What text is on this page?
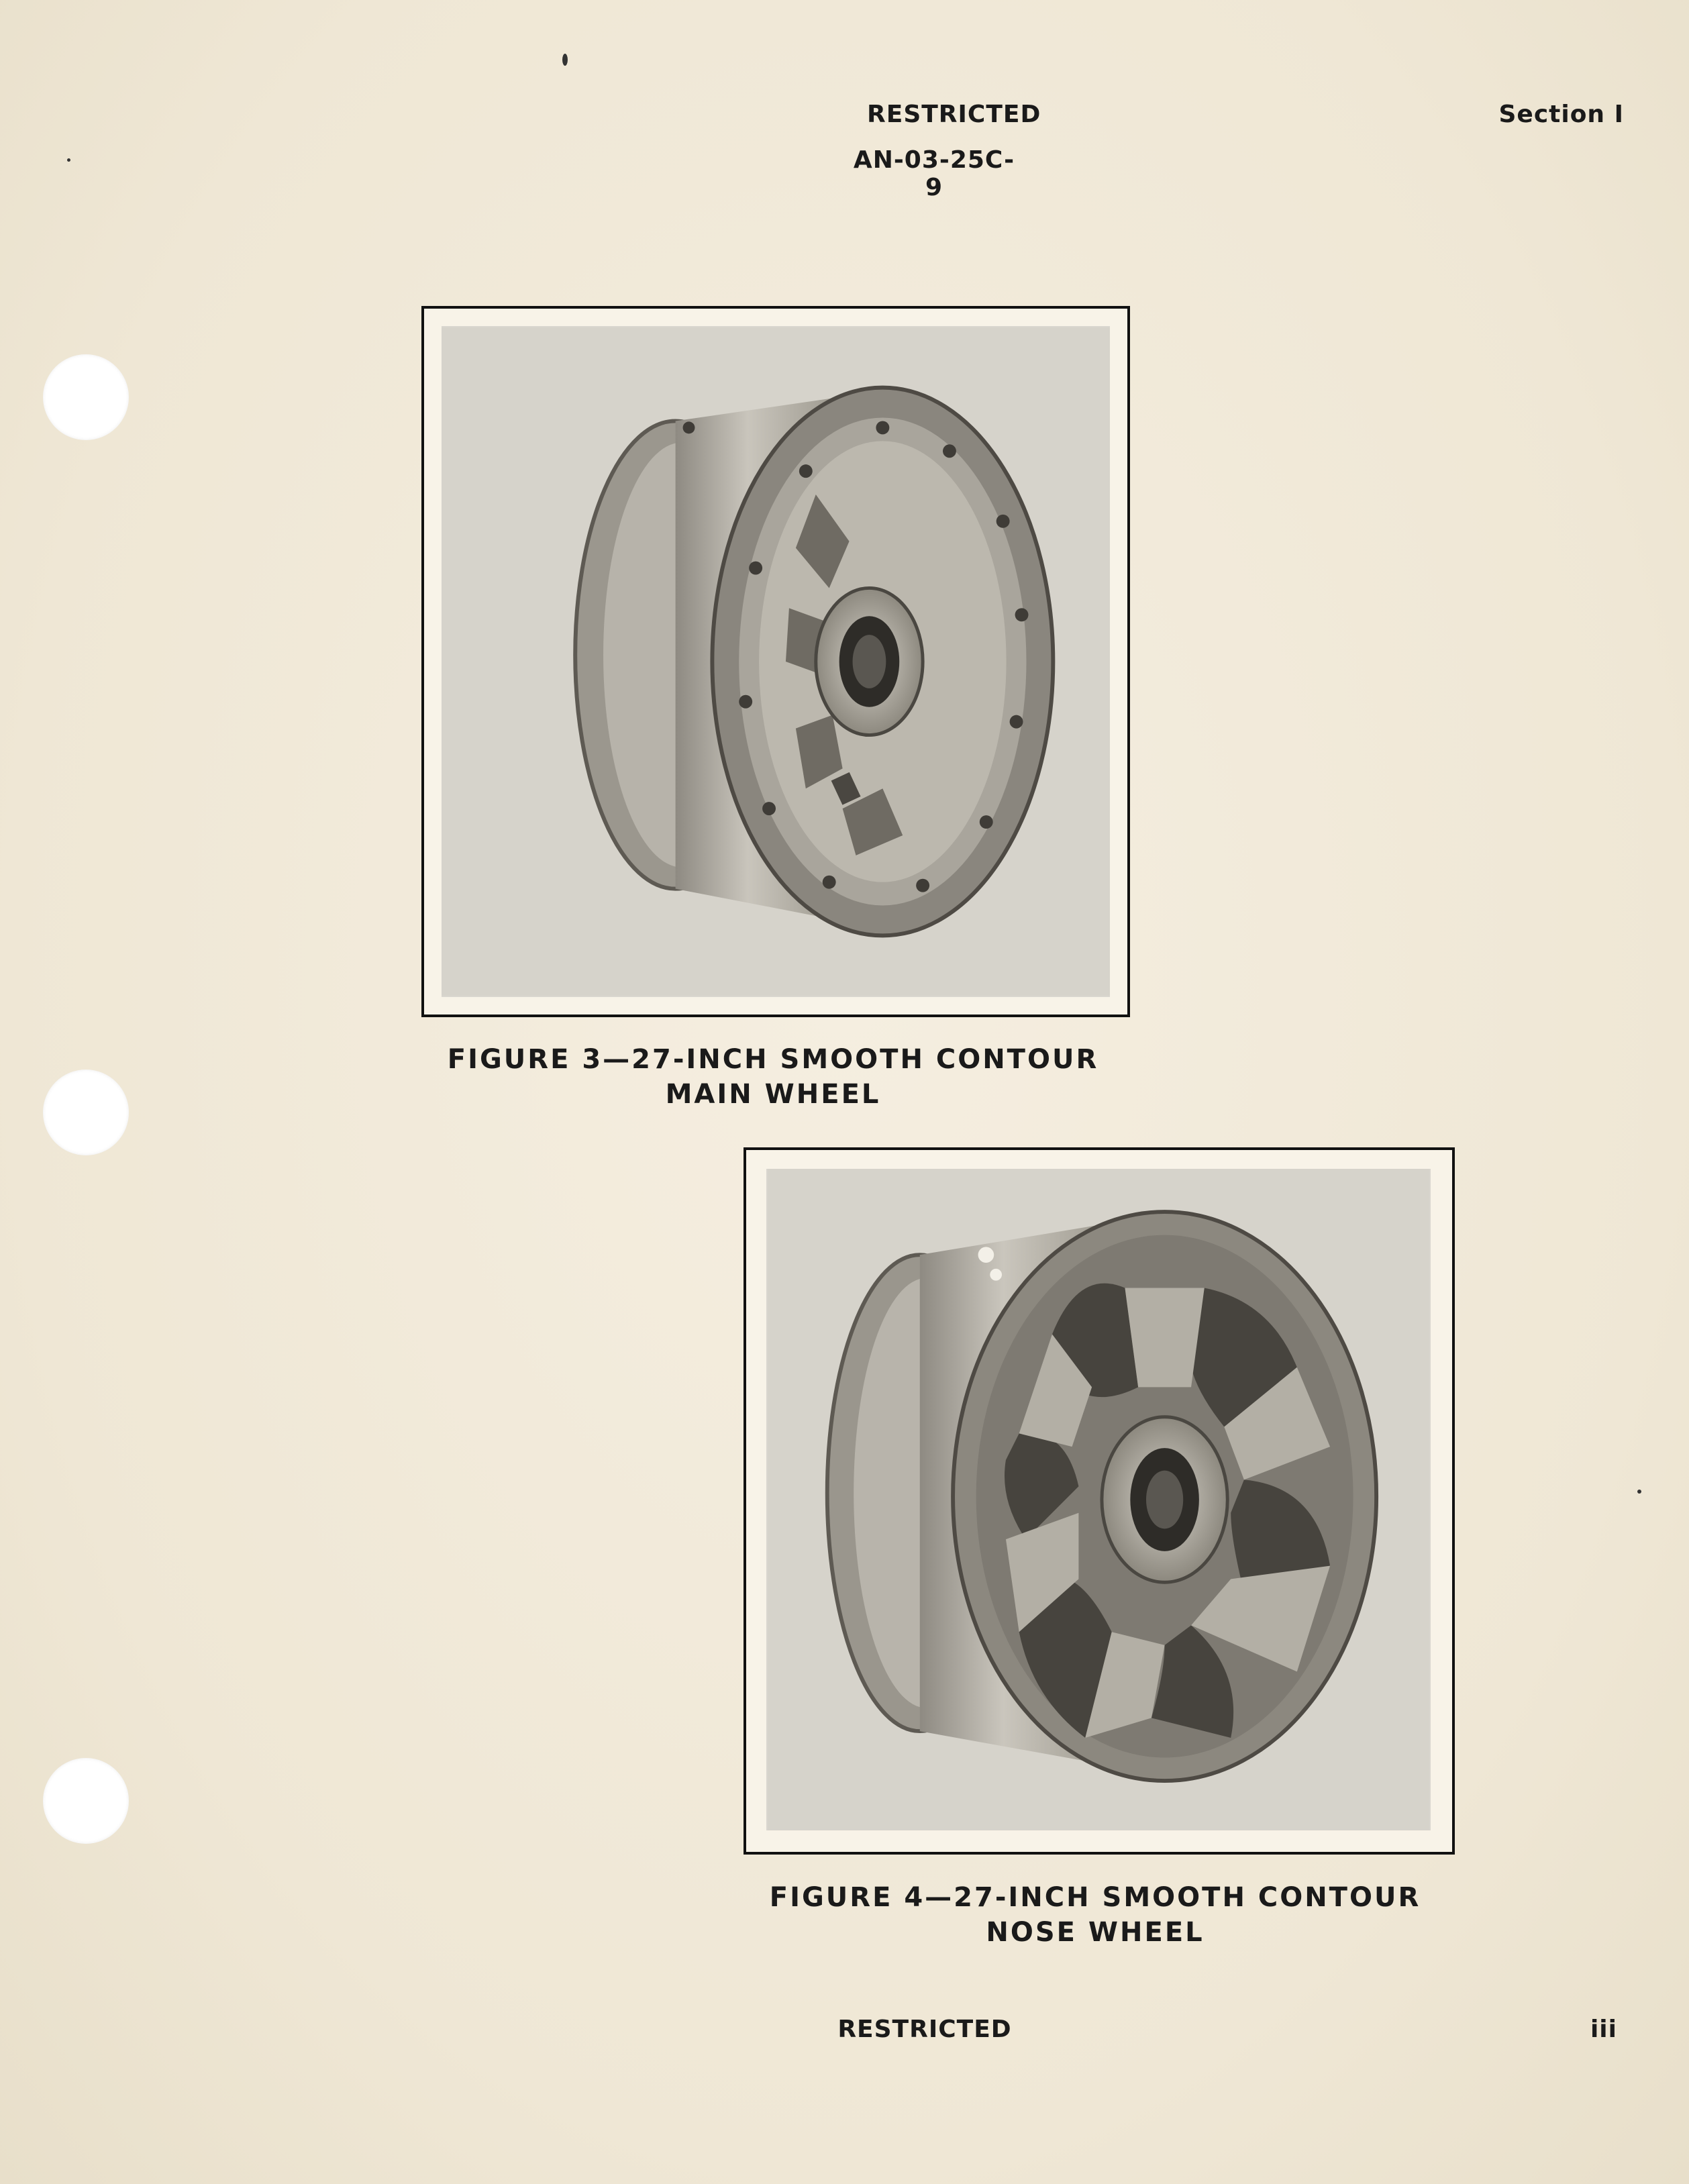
RESTRICTED
AN-03-25C-9
Section I
FIGURE 3—27-INCH SMOOTH CONTOUR
MAIN WHEEL
FIGURE 4—27-INCH SMOOTH CONTOUR
NOSE WHEEL
RESTRICTED	iii
